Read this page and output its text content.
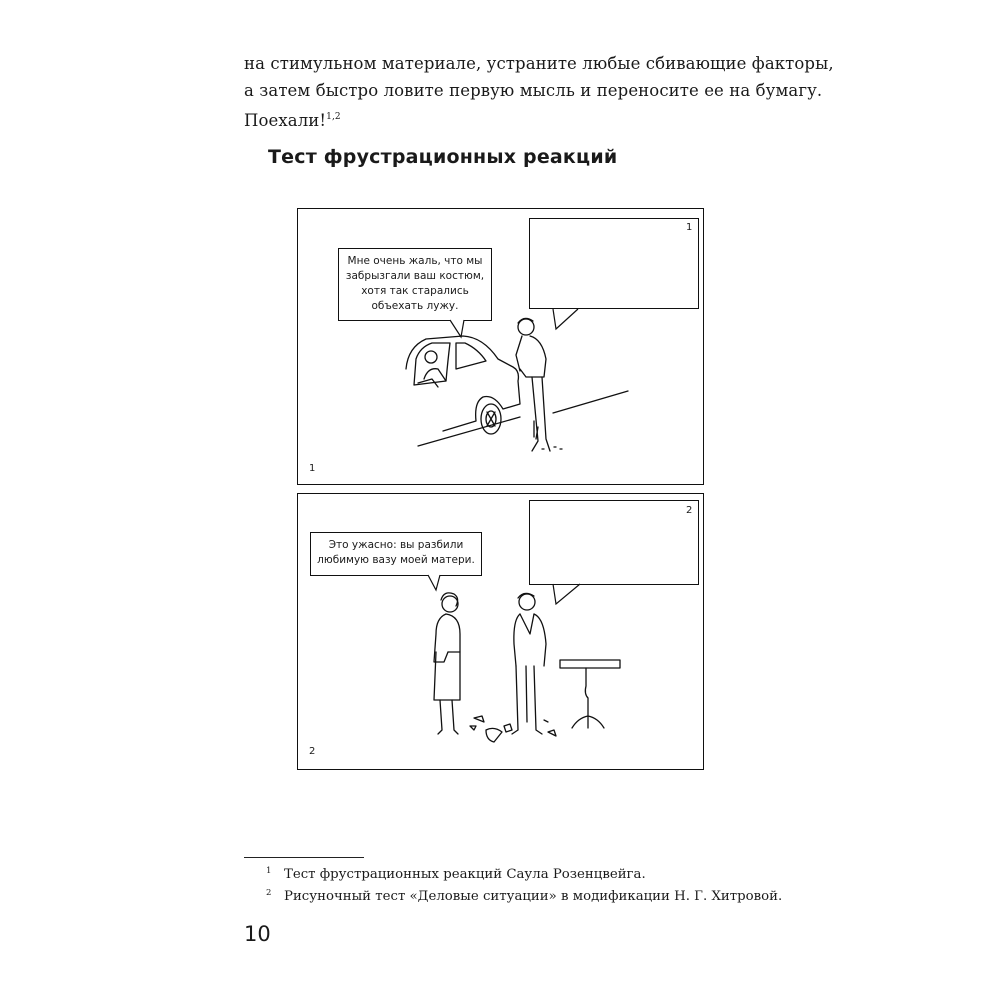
на стимульном материале, устраните любые сбивающие факторы,

а затем быстро ловите первую мысль и переносите ее на бумагу.

Поехали!$^{1,2}$

Тест фрустрационных реакций
Мне очень жаль, что мы
забрызгали ваш костюм,
хотя так старались
объехать лужу.
1
1
Это ужасно: вы разбили
любимую вазу моей матери.
2
2
1 Тест фрустрационных реакций Саула Розенцвейга.
2 Рисуночный тест «Деловые ситуации» в модификации Н. Г. Хитровой.
10
